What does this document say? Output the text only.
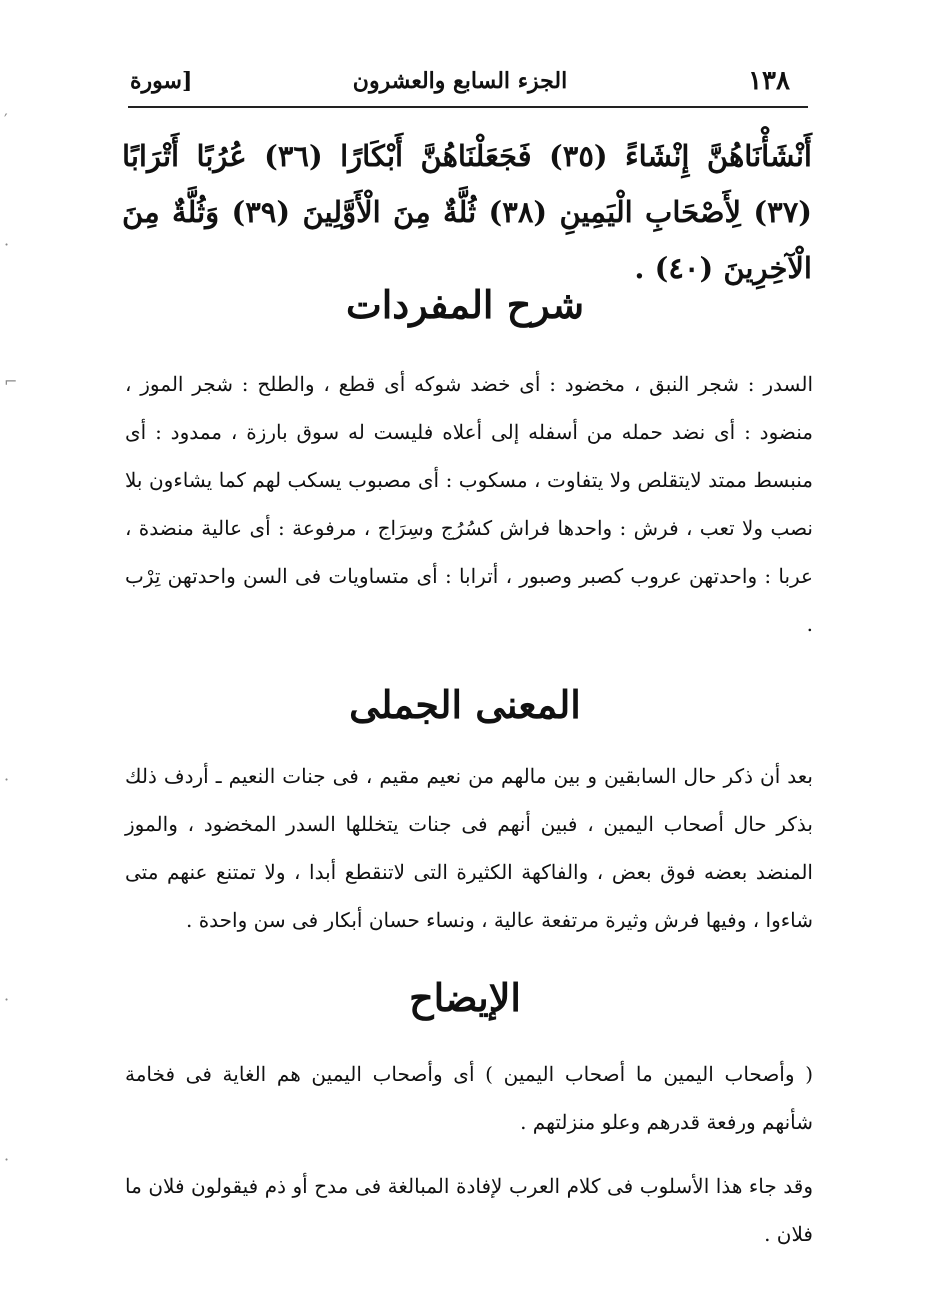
′
·
⌐
·
·
·
١٣٨
الجزء السابع والعشرون
[سورة
أَنْشَأْنَاهُنَّ إِنْشَاءً (٣٥) فَجَعَلْنَاهُنَّ أَبْكَارًا (٣٦) عُرُبًا أَتْرَابًا (٣٧) لِأَصْحَابِ الْيَمِينِ (٣٨) ثُلَّةٌ مِنَ الْأَوَّلِينَ (٣٩) وَثُلَّةٌ مِنَ الْآخِرِينَ (٤٠) .
شرح المفردات
السدر : شجر النبق ، مخضود : أى خضد شوكه أى قطع ، والطلح : شجر الموز ، منضود : أى نضد حمله من أسفله إلى أعلاه فليست له سوق بارزة ، ممدود : أى منبسط ممتد لايتقلص ولا يتفاوت ، مسكوب : أى مصبوب يسكب لهم كما يشاءون بلا نصب ولا تعب ، فرش : واحدها فراش كسُرُج وسِرَاج ، مرفوعة : أى عالية منضدة ، عربا : واحدتهن عروب كصبر وصبور ، أترابا : أى متساويات فى السن واحدتهن تِرْب .
المعنى الجملى
بعد أن ذكر حال السابقين و بين مالهم من نعيم مقيم ، فى جنات النعيم ـ أردف ذلك بذكر حال أصحاب اليمين ، فبين أنهم فى جنات يتخللها السدر المخضود ، والموز المنضد بعضه فوق بعض ، والفاكهة الكثيرة التى لاتنقطع أبدا ، ولا تمتنع عنهم متى شاءوا ، وفيها فرش وثيرة مرتفعة عالية ، ونساء حسان أبكار فى سن واحدة .
الإيضاح
( وأصحاب اليمين ما أصحاب اليمين ) أى وأصحاب اليمين هم الغاية فى فخامة شأنهم ورفعة قدرهم وعلو منزلتهم .
وقد جاء هذا الأسلوب فى كلام العرب لإفادة المبالغة فى مدح أو ذم فيقولون فلان ما فلان .
